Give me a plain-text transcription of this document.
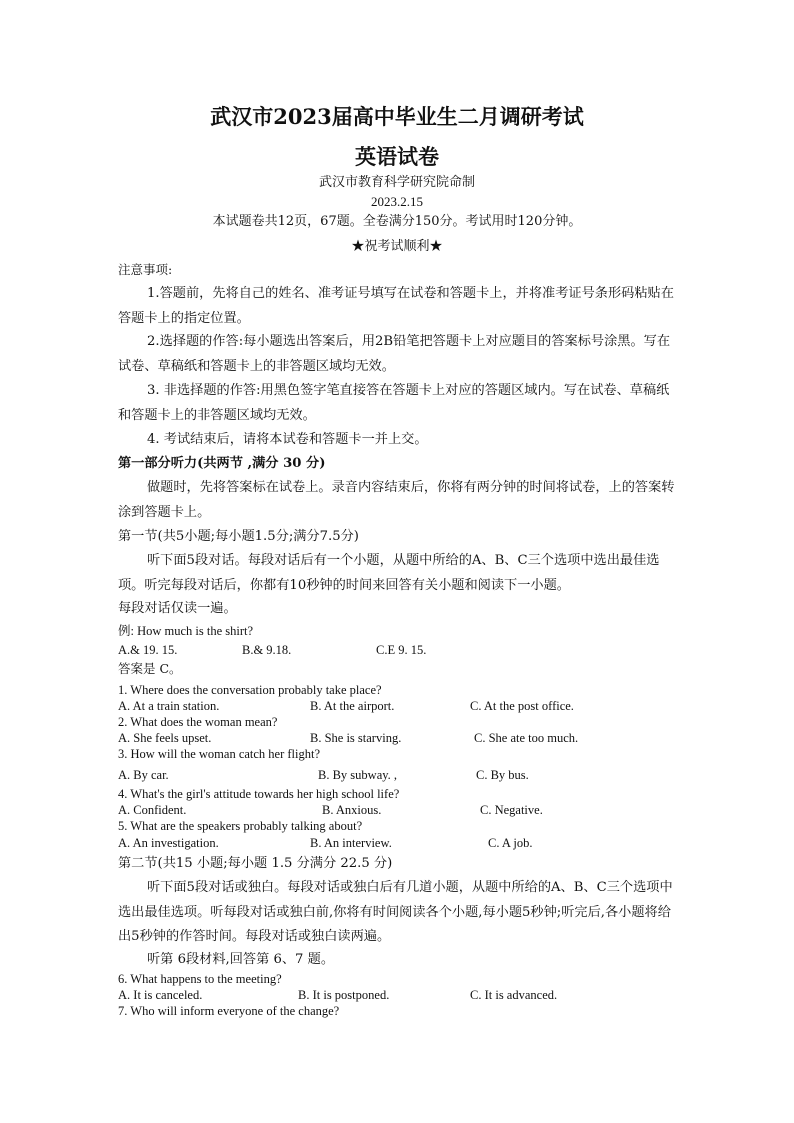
武汉市2023届高中毕业生二月调研考试
英语试卷
武汉市教育科学研究院命制
2023.2.15
本试题卷共12页，67题。全卷满分150分。考试用时120分钟。
★祝考试顺利★
注意事项:
1.答题前，先将自己的姓名、准考证号填写在试卷和答题卡上，并将准考证号条形码粘贴在答题卡上的指定位置。
2.选择题的作答:每小题选出答案后，用2B铅笔把答题卡上对应题目的答案标号涂黑。写在试卷、草稿纸和答题卡上的非答题区域均无效。
3. 非选择题的作答:用黑色签字笔直接答在答题卡上对应的答题区域内。写在试卷、草稿纸和答题卡上的非答题区域均无效。
4. 考试结束后，请将本试卷和答题卡一并上交。
第一部分听力(共两节 ,满分 30 分)
做题时，先将答案标在试卷上。录音内容结束后，你将有两分钟的时间将试卷，上的答案转涂到答题卡上。
第一节(共5小题;每小题1.5分;满分7.5分)
听下面5段对话。每段对话后有一个小题，从题中所给的A、B、C三个选项中选出最佳选项。听完每段对话后，你都有10秒钟的时间来回答有关小题和阅读下一小题。
每段对话仅读一遍。
例: How much is the shirt?
A.& 19. 15.	B.& 9.18.	C.E 9. 15.
答案是 C。
1. Where does the conversation probably take place?
A. At a train station.	B. At the airport.	C. At the post office.
2. What does the woman mean?
A. She feels upset.	B. She is starving.	C. She ate too much.
3. How will the woman catch her flight?
A. By car.	B. By subway. ,	C. By bus.
4. What's the girl's attitude towards her high school life?
A. Confident.	B. Anxious.	C. Negative.
5. What are the speakers probably talking about?
A. An investigation.	B. An interview.	C. A job.
第二节(共15 小题;每小题 1.5 分满分 22.5 分)
听下面5段对话或独白。每段对话或独白后有几道小题，从题中所给的A、B、C三个选项中选出最佳选项。听每段对话或独白前,你将有时间阅读各个小题,每小题5秒钟;听完后,各小题将给出5秒钟的作答时间。每段对话或独白读两遍。
听第 6段材料,回答第 6、7 题。
6. What happens to the meeting?
A. It is canceled.	B. It is postponed.	C. It is advanced.
7. Who will inform everyone of the change?
